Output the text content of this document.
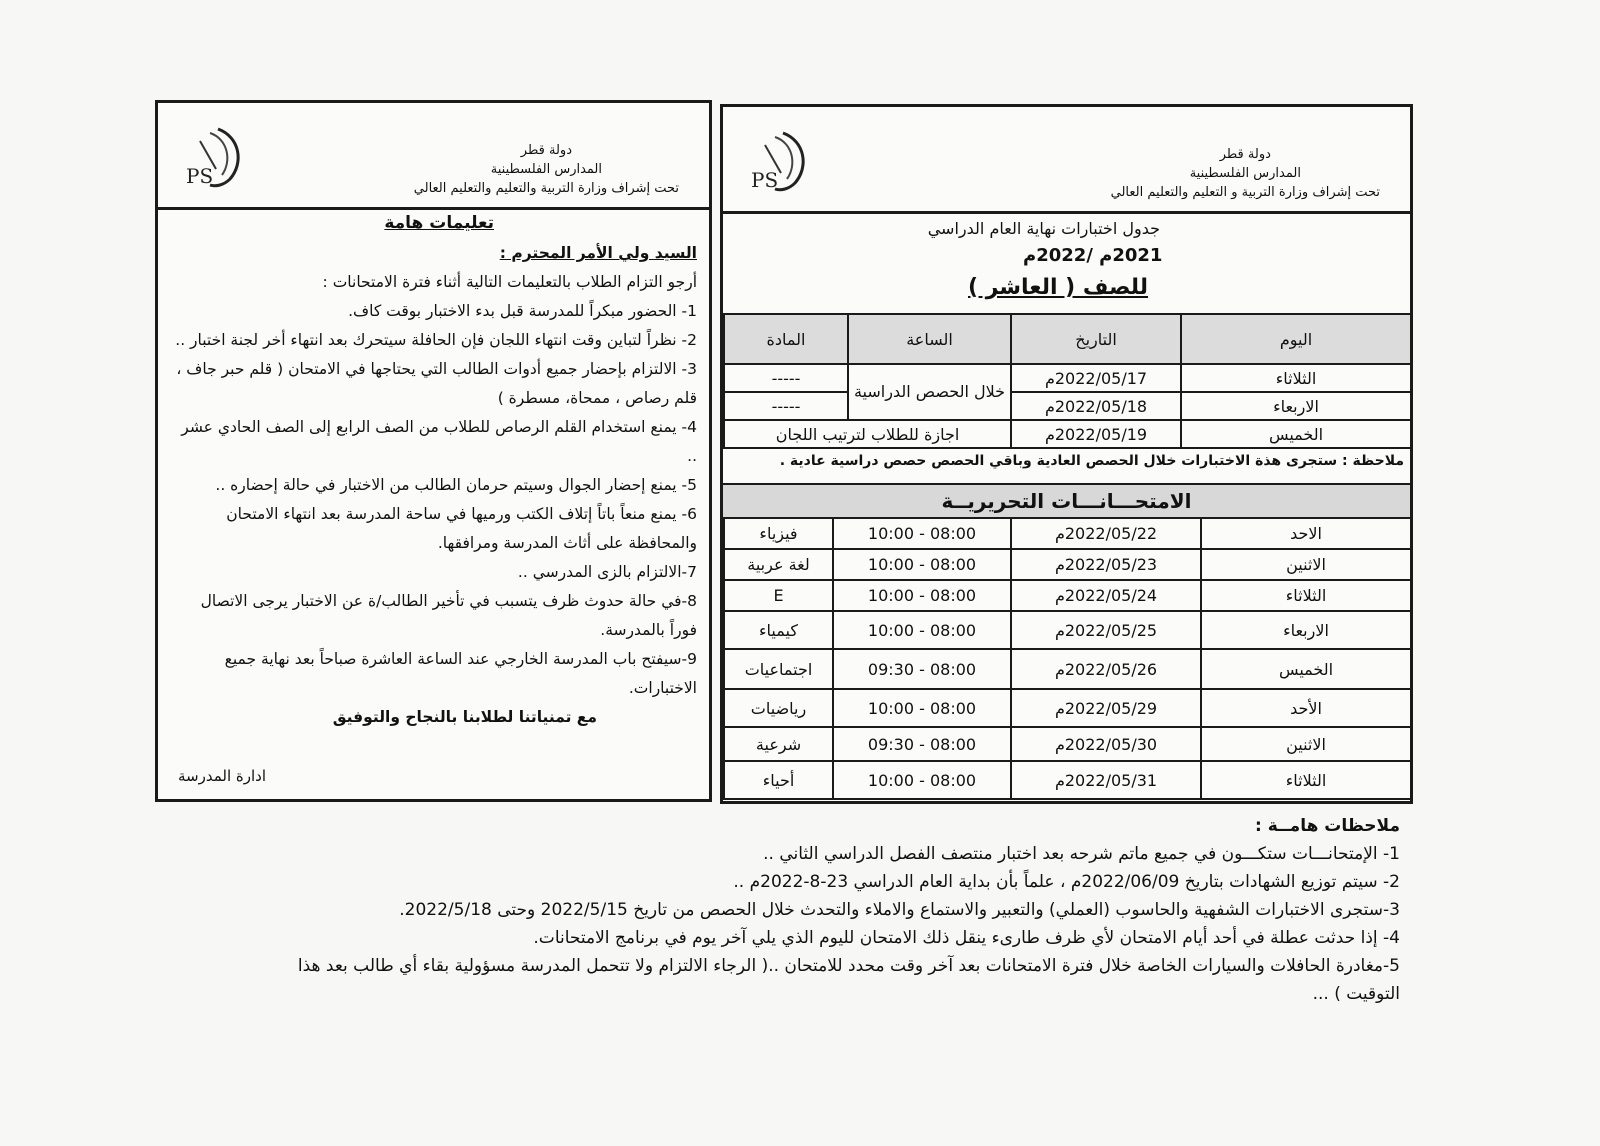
دولة قطر
المدارس الفلسطينية
تحت إشراف وزارة التربية و التعليم والتعليم العالي
PS
جدول اختبارات نهاية العام الدراسي
2021م /2022م
للصف ( العاشر )
اليوم	التاريخ	الساعة	المادة
الثلاثاء	2022/05/17م	خلال الحصص الدراسية	-----
الاربعاء	2022/05/18م		-----
الخميس	2022/05/19م	اجازة للطلاب لترتيب اللجان	
ملاحظة : ستجرى هذة الاختبارات خلال الحصص العادية وباقي الحصص حصص دراسية عادية .
الامتحـــانـــات التحريريــة
الاحد	2022/05/22م	08:00 - 10:00	فيزياء
الاثنين	2022/05/23م	08:00 - 10:00	لغة عربية
الثلاثاء	2022/05/24م	08:00 - 10:00	E
الاربعاء	2022/05/25م	08:00 - 10:00	كيمياء
الخميس	2022/05/26م	08:00 - 09:30	اجتماعيات
الأحد	2022/05/29م	08:00 - 10:00	رياضيات
الاثنين	2022/05/30م	08:00 - 09:30	شرعية
الثلاثاء	2022/05/31م	08:00 - 10:00	أحياء
دولة قطر
المدارس الفلسطينية
تحت إشراف وزارة التربية والتعليم والتعليم العالي
PS
تعليمات هامة

السيد ولي الأمر المحترم :

أرجو التزام الطلاب بالتعليمات التالية أثناء فترة الامتحانات :

1- الحضور مبكراً للمدرسة قبل بدء الاختبار بوقت كاف.

2- نظراً لتباين وقت انتهاء اللجان فإن الحافلة سيتحرك بعد انتهاء أخر لجنة اختبار ..

3- الالتزام بإحضار جميع أدوات الطالب التي يحتاجها في الامتحان ( قلم حبر جاف ، قلم رصاص ، ممحاة، مسطرة )

4- يمنع استخدام القلم الرصاص للطلاب من الصف الرابع إلى الصف الحادي عشر ..

5- يمنع إحضار الجوال وسيتم حرمان الطالب من الاختبار في حالة إحضاره ..

6- يمنع منعاً باتاً إتلاف الكتب ورميها في ساحة المدرسة بعد انتهاء الامتحان والمحافظة على أثاث المدرسة ومرافقها.

7-الالتزام بالزى المدرسي ..

8-في حالة حدوث ظرف يتسبب في تأخير الطالب/ة عن الاختبار يرجى الاتصال فوراً بالمدرسة.

9-سيفتح باب المدرسة الخارجي عند الساعة العاشرة صباحاً بعد نهاية جميع الاختبارات.

مع تمنياتنا لطلابنا بالنجاح والتوفيق

ادارة المدرسة

ملاحظات هامــة :

1- الإمتحانـــات ستكـــون في جميع ماتم شرحه بعد اختبار منتصف الفصل الدراسي الثاني ..

2- سيتم توزيع الشهادات بتاريخ 2022/06/09م ، علماً بأن بداية العام الدراسي 23-8-2022م ..

3-ستجرى الاختبارات الشفهية والحاسوب (العملي) والتعبير والاستماع والاملاء والتحدث خلال الحصص من تاريخ 2022/5/15 وحتى 2022/5/18.

4- إذا حدثت عطلة في أحد أيام الامتحان لأي ظرف طارىء ينقل ذلك الامتحان لليوم الذي يلي آخر يوم في برنامج الامتحانات.

5-مغادرة الحافلات والسيارات الخاصة خلال فترة الامتحانات بعد آخر وقت محدد للامتحان ..( الرجاء الالتزام ولا تتحمل المدرسة مسؤولية بقاء أي طالب بعد هذا التوقيت ) ...
